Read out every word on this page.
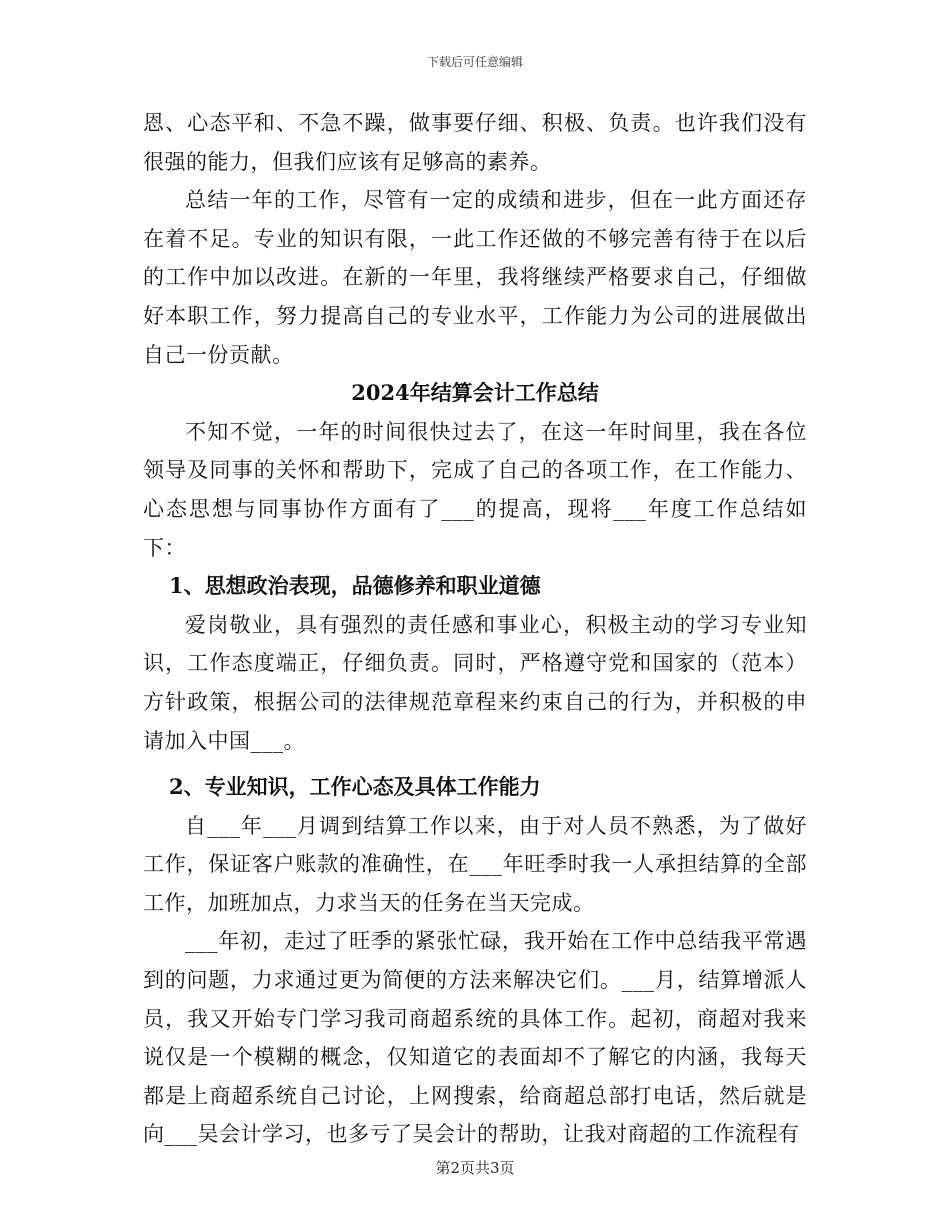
下载后可任意编辑

恩、心态平和、不急不躁，做事要仔细、积极、负责。也许我们没有很强的能力，但我们应该有足够高的素养。

总结一年的工作，尽管有一定的成绩和进步，但在一此方面还存在着不足。专业的知识有限，一此工作还做的不够完善有待于在以后的工作中加以改进。在新的一年里，我将继续严格要求自己，仔细做好本职工作，努力提高自己的专业水平，工作能力为公司的进展做出自己一份贡献。

2024年结算会计工作总结

不知不觉，一年的时间很快过去了，在这一年时间里，我在各位领导及同事的关怀和帮助下，完成了自己的各项工作，在工作能力、心态思想与同事协作方面有了___的提高，现将___年度工作总结如下：

1、思想政治表现，品德修养和职业道德

爱岗敬业，具有强烈的责任感和事业心，积极主动的学习专业知识，工作态度端正，仔细负责。同时，严格遵守党和国家的（范本）方针政策，根据公司的法律规范章程来约束自己的行为，并积极的申请加入中国___。

2、专业知识，工作心态及具体工作能力

自___年___月调到结算工作以来，由于对人员不熟悉，为了做好工作，保证客户账款的准确性，在___年旺季时我一人承担结算的全部工作，加班加点，力求当天的任务在当天完成。

___年初，走过了旺季的紧张忙碌，我开始在工作中总结我平常遇到的问题，力求通过更为简便的方法来解决它们。___月，结算增派人员，我又开始专门学习我司商超系统的具体工作。起初，商超对我来说仅是一个模糊的概念，仅知道它的表面却不了解它的内涵，我每天都是上商超系统自己讨论，上网搜索，给商超总部打电话，然后就是向___吴会计学习，也多亏了吴会计的帮助，让我对商超的工作流程有

第2页共3页
